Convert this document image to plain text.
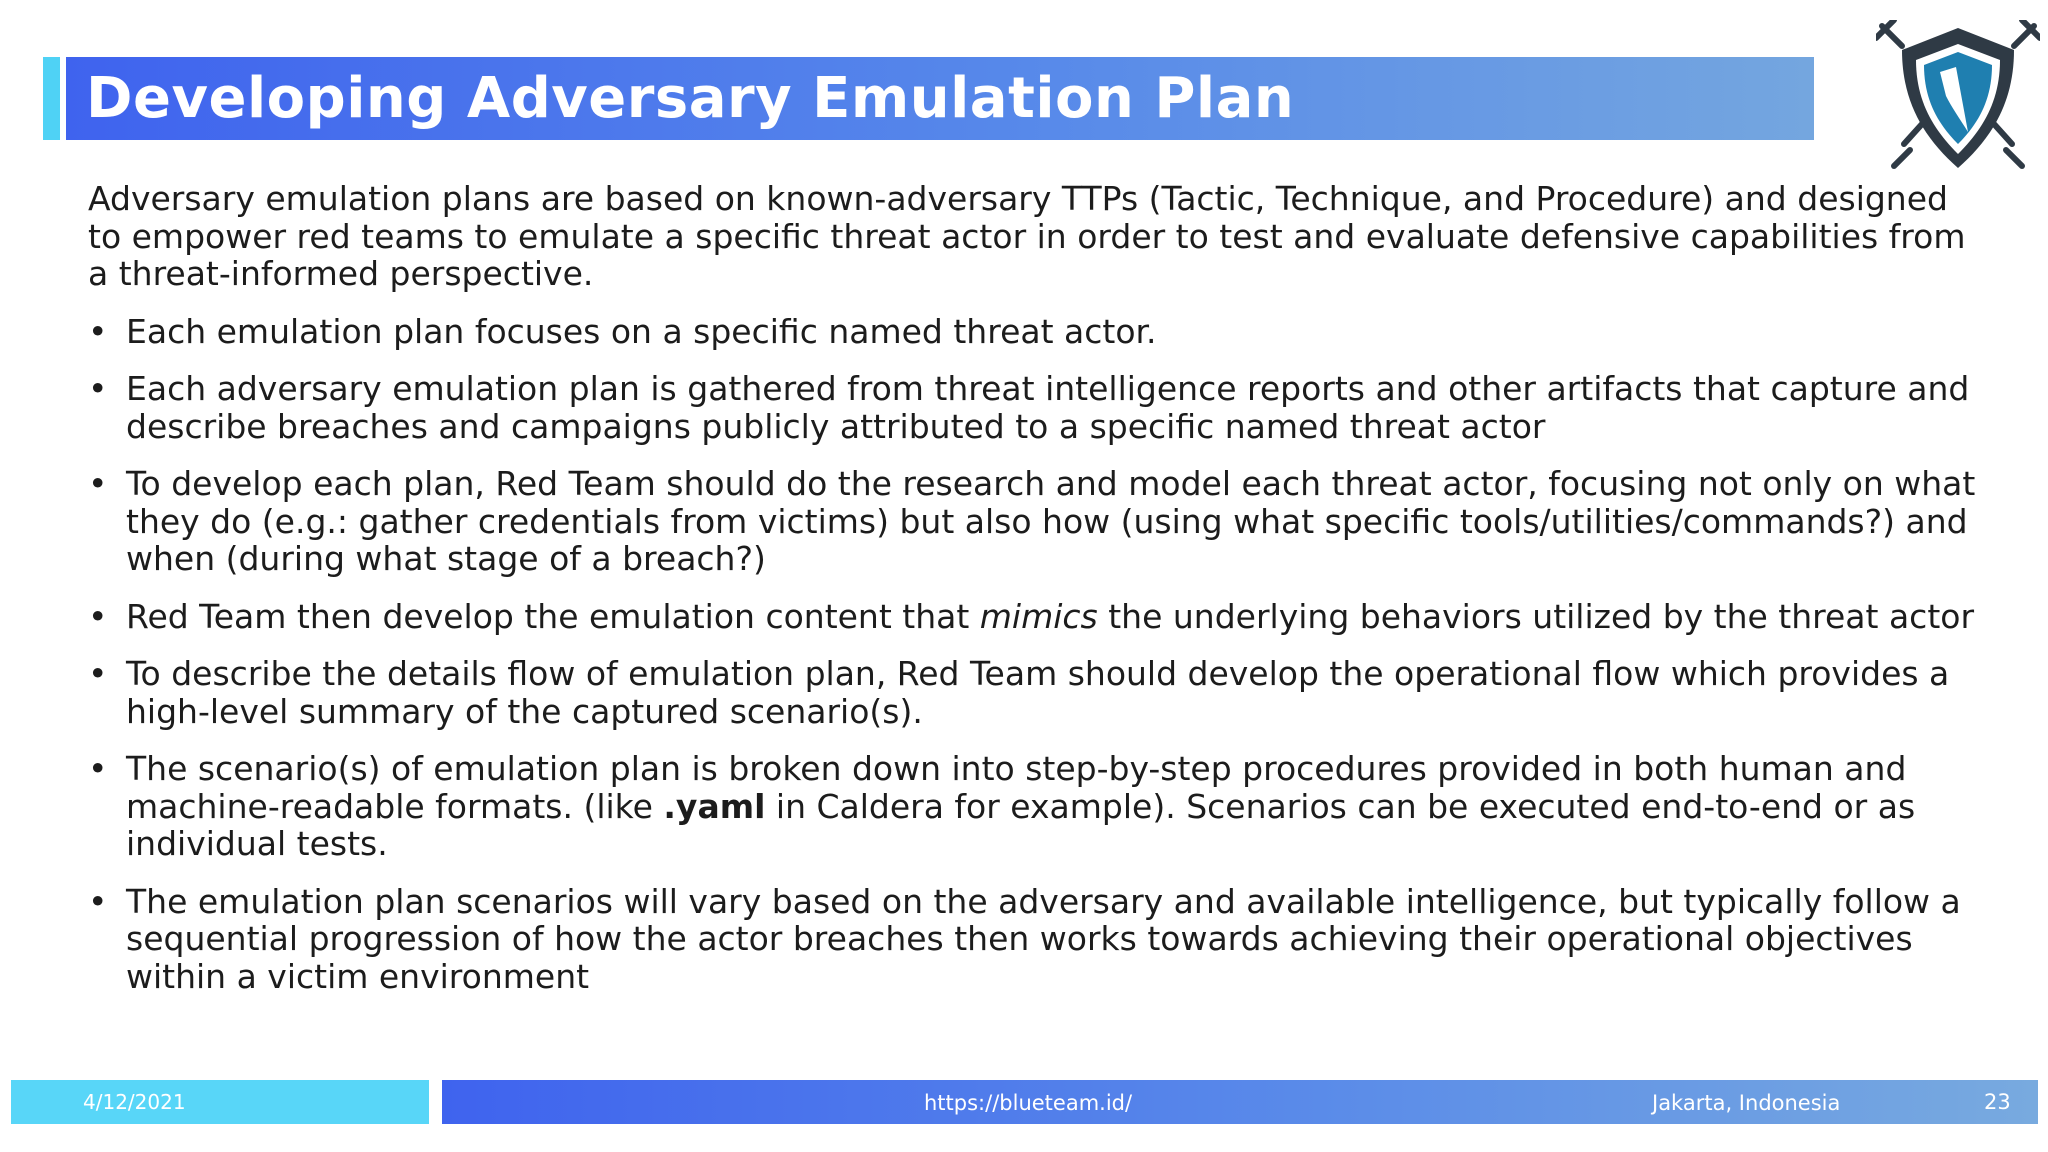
Developing Adversary Emulation Plan

Adversary emulation plans are based on known-adversary TTPs (Tactic, Technique, and Procedure) and designed to empower red teams to emulate a specific threat actor in order to test and evaluate defensive capabilities from a threat-informed perspective.

• Each emulation plan focuses on a specific named threat actor.
• Each adversary emulation plan is gathered from threat intelligence reports and other artifacts that capture and describe breaches and campaigns publicly attributed to a specific named threat actor
• To develop each plan, Red Team should do the research and model each threat actor, focusing not only on what they do (e.g.: gather credentials from victims) but also how (using what specific tools/utilities/commands?) and when (during what stage of a breach?)
• Red Team then develop the emulation content that mimics the underlying behaviors utilized by the threat actor
• To describe the details flow of emulation plan, Red Team should develop the operational flow which provides a high-level summary of the captured scenario(s).
• The scenario(s) of emulation plan is broken down into step-by-step procedures provided in both human and machine-readable formats. (like .yaml in Caldera for example). Scenarios can be executed end-to-end or as individual tests.
• The emulation plan scenarios will vary based on the adversary and available intelligence, but typically follow a sequential progression of how the actor breaches then works towards achieving their operational objectives within a victim environment
4/12/2021	https://blueteam.id/	Jakarta, Indonesia	23
